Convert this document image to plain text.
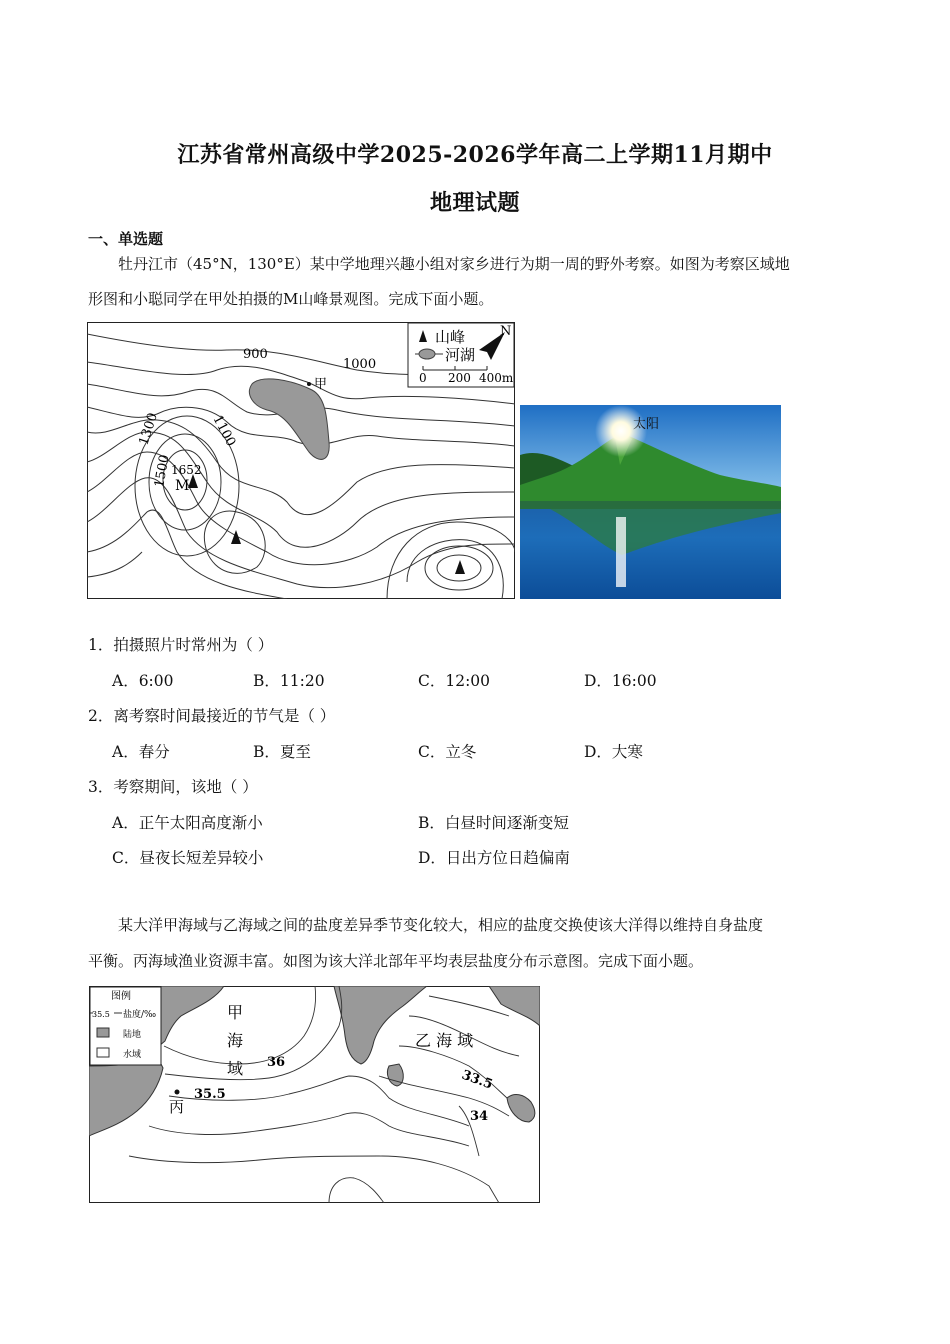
江苏省常州高级中学2025-2026学年高二上学期11月期中
地理试题
一、单选题
牡丹江市（45°N，130°E）某中学地理兴趣小组对家乡进行为期一周的野外考察。如图为考察区域地
形图和小聪同学在甲处拍摄的M山峰景观图。完成下面小题。
甲
1652
M
900
1000
1100
1300
1500
山峰
河湖
N
0 200 400m
太阳
1．拍摄照片时常州为（ ）
A．6:00	B．11:20	C．12:00	D．16:00
2．离考察时间最接近的节气是（ ）
A．春分	B．夏至	C．立冬	D．大寒
3．考察期间，该地（ ）
A．正午太阳高度渐小	B．白昼时间逐渐变短
C．昼夜长短差异较小	D．日出方位日趋偏南
某大洋甲海域与乙海域之间的盐度差异季节变化较大，相应的盐度交换使该大洋得以维持自身盐度
平衡。丙海域渔业资源丰富。如图为该大洋北部年平均表层盐度分布示意图。完成下面小题。
图例
35.5 盐度/‰
陆地
水域
甲
海
域
乙 海 域
36
35.5
33.5
34
丙
